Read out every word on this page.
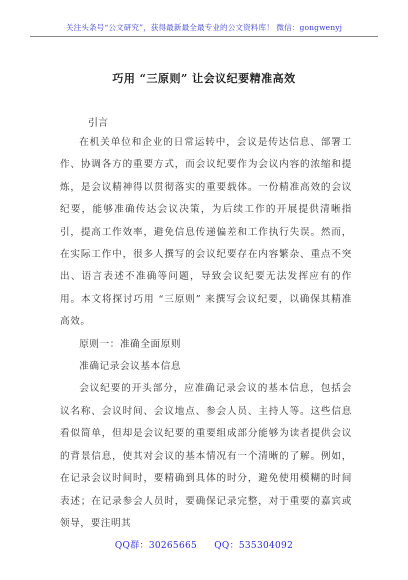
关注头条号“公文研究”，获得最新最全最专业的公文资料库！ 微信：gongwenyj
巧用 “三原则” 让会议纪要精准高效
引言

在机关单位和企业的日常运转中，会议是传达信息、部署工作、协调各方的重要方式，而会议纪要作为会议内容的浓缩和提炼，是会议精神得以贯彻落实的重要载体。一份精准高效的会议纪要，能够准确传达会议决策，为后续工作的开展提供清晰指引，提高工作效率，避免信息传递偏差和工作执行失误。然而，在实际工作中，很多人撰写的会议纪要存在内容繁杂、重点不突出、语言表述不准确等问题，导致会议纪要无法发挥应有的作用。本文将探讨巧用 “三原则” 来撰写会议纪要，以确保其精准高效。

原则一：准确全面原则

准确记录会议基本信息

会议纪要的开头部分，应准确记录会议的基本信息，包括会议名称、会议时间、会议地点、参会人员、主持人等。这些信息看似简单，但却是会议纪要的重要组成部分能够为读者提供会议的背景信息，使其对会议的基本情况有一个清晰的了解。例如，在记录会议时间时，要精确到具体的时分，避免使用模糊的时间表述；在记录参会人员时，要确保记录完整，对于重要的嘉宾或领导，要注明其

QQ群：30265665 QQ：535304092
